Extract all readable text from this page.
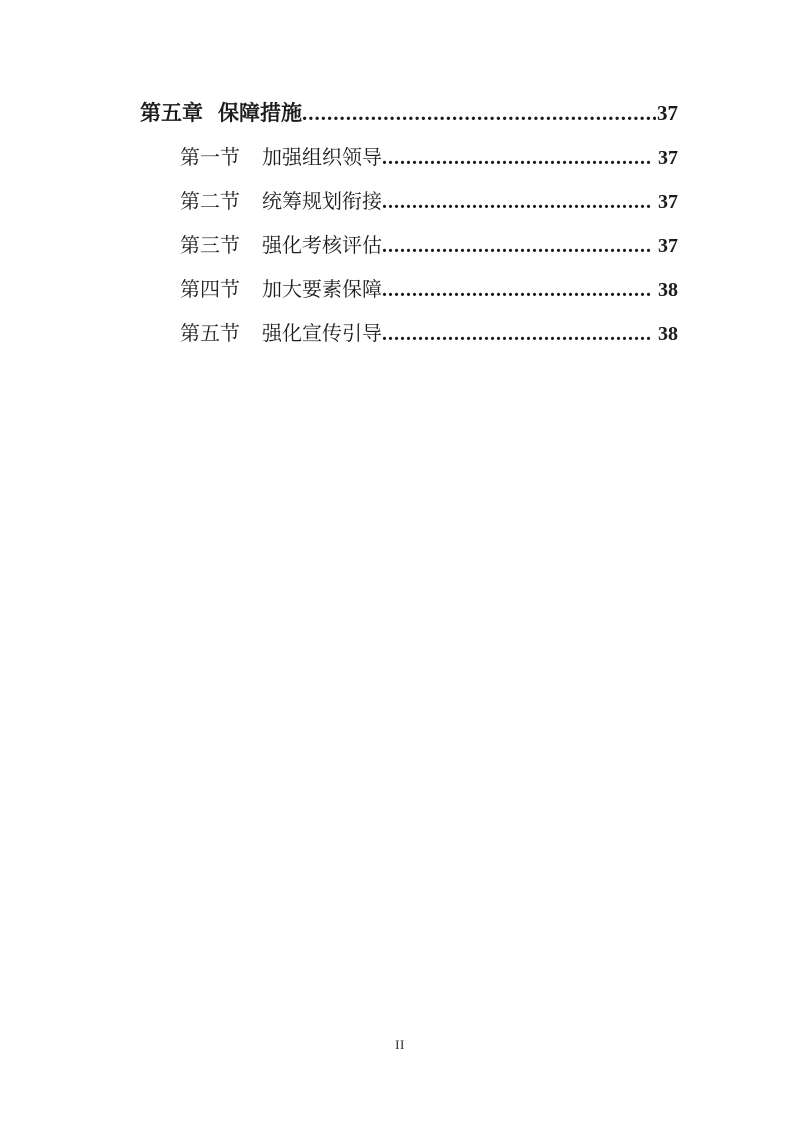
第五章 保障措施 .....	37
第一节 加强组织领导 .....	37
第二节 统筹规划衔接 .....	37
第三节 强化考核评估 .....	37
第四节 加大要素保障 .....	38
第五节 强化宣传引导 .....	38
II
